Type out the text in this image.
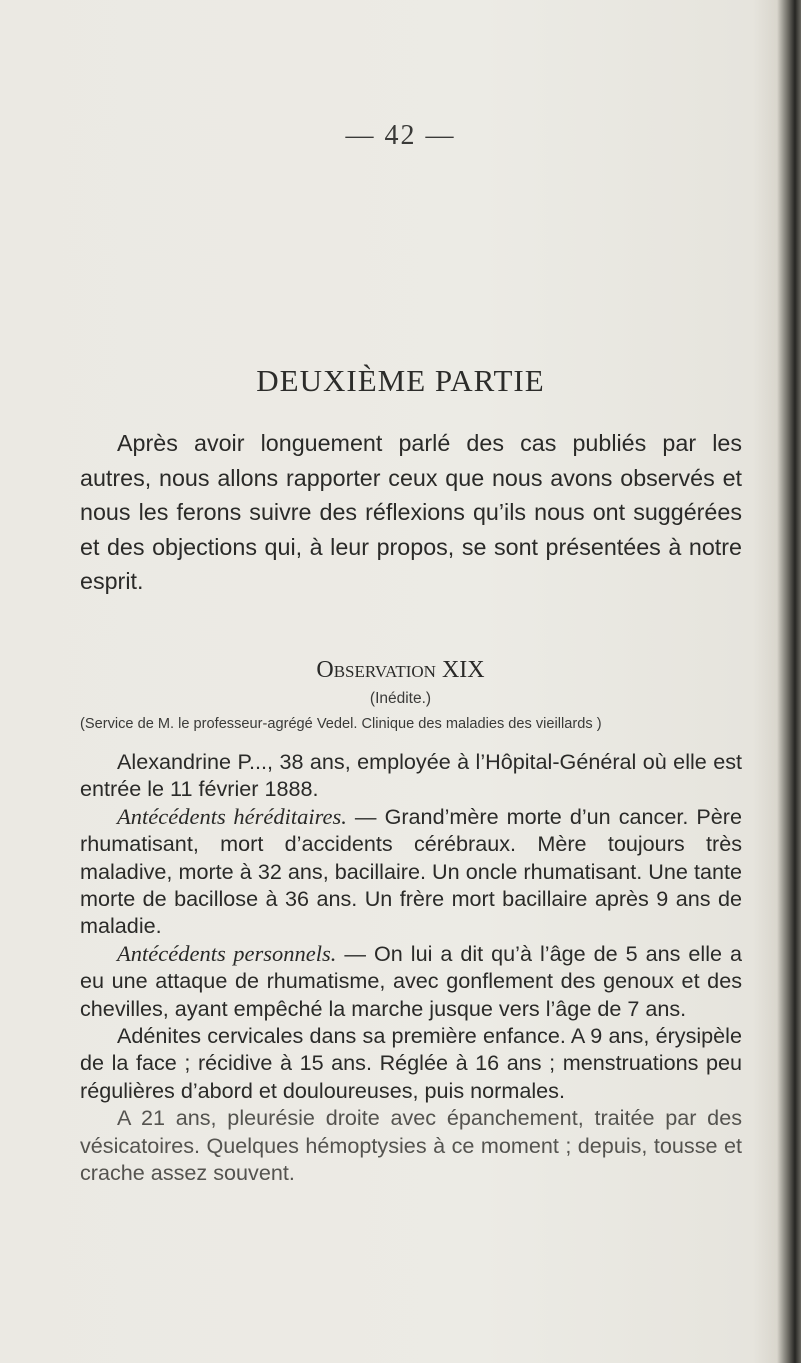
— 42 —
DEUXIÈME PARTIE

Après avoir longuement parlé des cas publiés par les autres, nous allons rapporter ceux que nous avons observés et nous les ferons suivre des réflexions qu’ils nous ont suggérées et des objections qui, à leur propos, se sont présentées à notre esprit.

Observation XIX
(Inédite.)
(Service de M. le professeur-agrégé Vedel. Clinique des maladies des vieillards )

Alexandrine P..., 38 ans, employée à l’Hôpital-Général où elle est entrée le 11 février 1888.

Antécédents héréditaires. — Grand’mère morte d’un cancer. Père rhumatisant, mort d’accidents cérébraux. Mère toujours très maladive, morte à 32 ans, bacillaire. Un oncle rhumatisant. Une tante morte de bacillose à 36 ans. Un frère mort bacillaire après 9 ans de maladie.

Antécédents personnels. — On lui a dit qu’à l’âge de 5 ans elle a eu une attaque de rhumatisme, avec gonflement des genoux et des chevilles, ayant empêché la marche jusque vers l’âge de 7 ans.

Adénites cervicales dans sa première enfance. A 9 ans, érysipèle de la face ; récidive à 15 ans. Réglée à 16 ans ; menstruations peu régulières d’abord et douloureuses, puis normales.

A 21 ans, pleurésie droite avec épanchement, traitée par des vésicatoires. Quelques hémoptysies à ce moment ; depuis, tousse et crache assez souvent.
